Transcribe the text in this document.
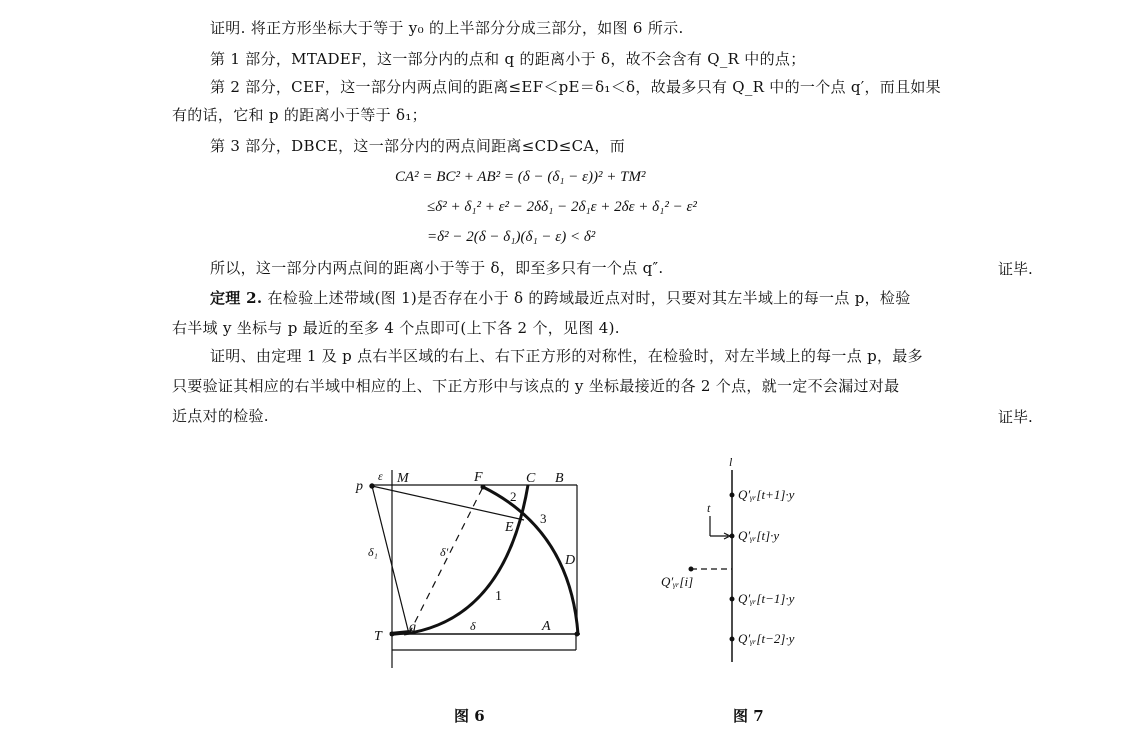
证明. 将正方形坐标大于等于 y₀ 的上半部分分成三部分，如图 6 所示.
第 1 部分，MTADEF，这一部分内的点和 q 的距离小于 δ，故不会含有 Q_R 中的点；
第 2 部分，CEF，这一部分内两点间的距离≤EF＜pE＝δ₁＜δ，故最多只有 Q_R 中的一个点 q′，而且如果
有的话，它和 p 的距离小于等于 δ₁；
第 3 部分，DBCE，这一部分内的两点间距离≤CD≤CA，而
CA² = BC² + AB² = (δ − (δ₁ − ε))² + TM²
≤δ² + δ₁² + ε² − 2δδ₁ − 2δ₁ε + 2δε + δ₁² − ε²
=δ² − 2(δ − δ₁)(δ₁ − ε) < δ²
所以，这一部分内两点间的距离小于等于 δ，即至多只有一个点 q″.	证毕.
定理 2. 在检验上述带域(图 1)是否存在小于 δ 的跨域最近点对时，只要对其左半域上的每一点 p，检验
右半域 y 坐标与 p 最近的至多 4 个点即可(上下各 2 个，见图 4).
证明、由定理 1 及 p 点右半区域的右上、右下正方形的对称性，在检验时，对左半域上的每一点 p，最多
只要验证其相应的右半域中相应的上、下正方形中与该点的 y 坐标最接近的各 2 个点，就一定不会漏过对最
近点对的检验.	证毕.
p
ε M	F	C B
2
E
3
D
δ₁	δ′
1
T
q	δ	A
l
t
Q′ᵧᵣ[t+1]·y
Q′ᵧᵣ[t]·y
Q′ᵧᵣ[i]
Q′ᵧᵣ[t−1]·y
Q′ᵧᵣ[t−2]·y
图 6	图 7
